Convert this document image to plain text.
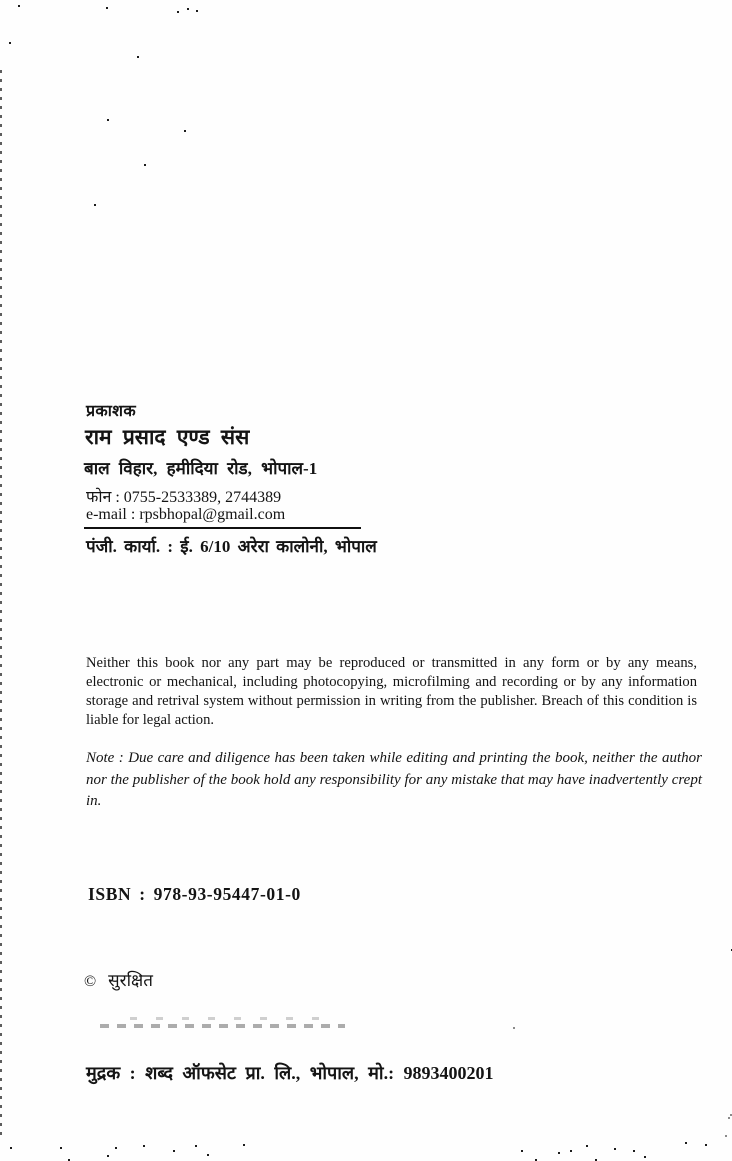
प्रकाशक
राम प्रसाद एण्ड संस
बाल विहार, हमीदिया रोड, भोपाल-1
फोन : 0755-2533389, 2744389
e-mail : rpsbhopal@gmail.com
पंजी. कार्या. : ई. 6/10 अरेरा कालोनी, भोपाल
Neither this book nor any part may be reproduced or transmitted in any form or by any means, electronic or mechanical, including photocopying, microfilming and recording or by any information storage and retrival system without permission in writing from the publisher. Breach of this condition is liable for legal action.
Note : Due care and diligence has been taken while editing and printing the book, neither the author nor the publisher of the book hold any responsibility for any mistake that may have inadvertently crept in.
ISBN : 978-93-95447-01-0
© सुरक्षित
मुद्रक : शब्द ऑफसेट प्रा. लि., भोपाल, मो.: 9893400201
